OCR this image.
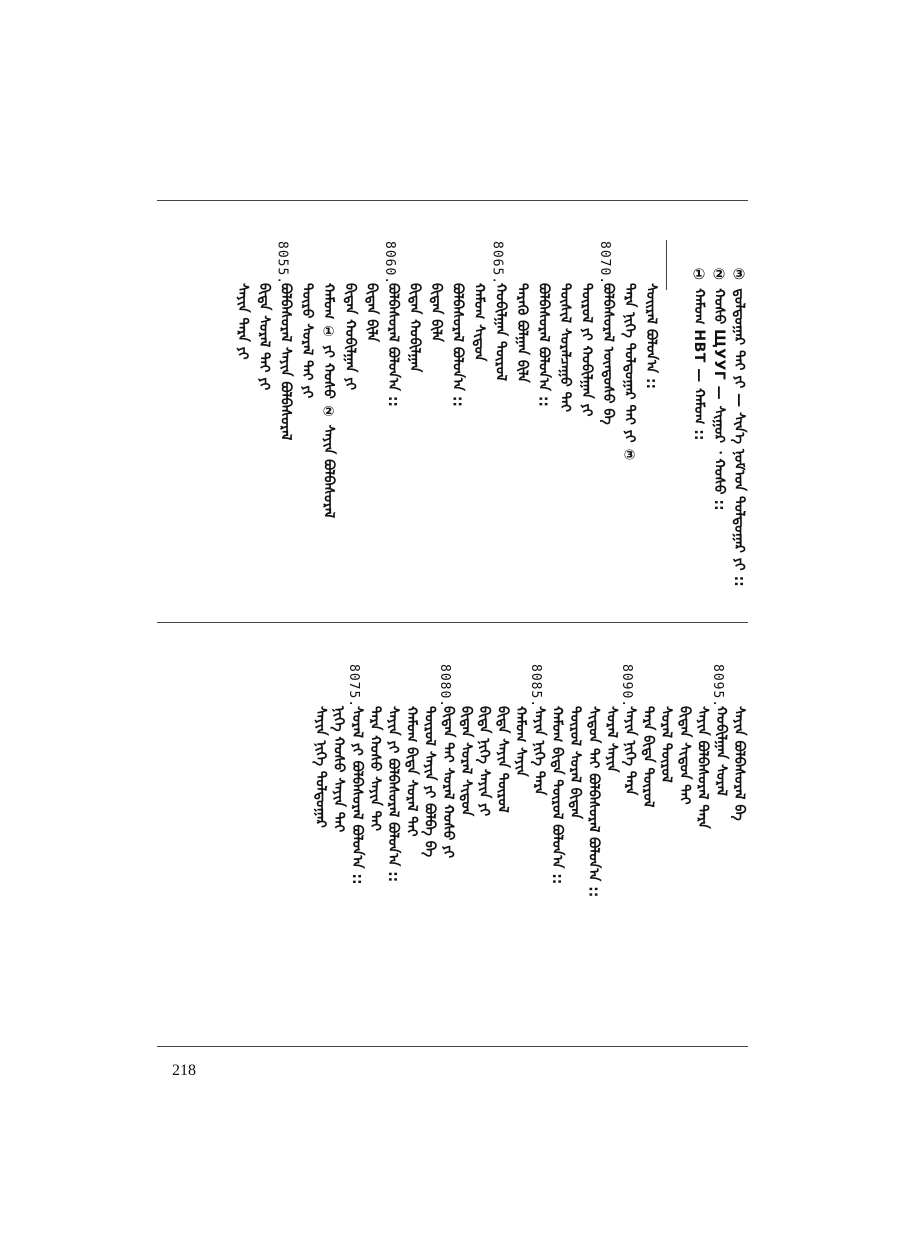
③ ᠳ᠋ᠤᠯᠳᠤᠭᠠᠷ ᠲᠠᠢ ᠶᠢ — ᠰᠢᠨ᠎ᠡ ᠨᠤᠮ᠎ᠤᠨ ᠳᠤᠯᠳᠤᠭᠠᠷ ᠶᠢ ::
② ᠬᠤᠰᠤ ЩУУГ — ᠰᠢᠭᠤᠷ ᠂ ᠬᠤᠰᠤ ::
① ᠬᠠᠮᠤᠭ НВТ — ᠬᠠᠮᠤᠭ ::
ᠰᠤᠢᠷᠠᠯ ᠪᠣᠯᠤᠨ᠎ᠠ ::
ᠲᠡᠷᠡ ᠨᠢᠭᠡ ᠳᠤᠯᠳᠤᠭᠠᠷ ᠲᠠᠢ ᠶᠢ ③
8070.
ᠪᠣᠯᠪᠠᠰᠤᠷᠠᠯ ᠦᠨᠳᠦᠰᠦ ᠪᠡ
ᠲᠦᠷᠦᠯ ᠶᠢ ᠬᠤᠪᠢᠯᠭᠠᠨ ᠶᠢ
ᠲᠦᠰᠢᠯ ᠰᠤᠷᠠᠯᠴᠠᠭᠤ ᠲᠠᠢ
ᠪᠣᠯᠪᠠᠰᠤᠷᠠᠯ ᠪᠣᠯᠤᠨ᠎ᠠ ::
ᠲᠡᠷᠡᠬᠦ ᠪᠣᠯᠭᠠᠨ ᠪᠢᠯᠡ
8065.
ᠬᠤᠪᠢᠯᠭᠠᠨ ᠲᠦᠷᠦᠯ
ᠬᠠᠮᠤᠭ ᠰᠢᠳᠦᠨ
ᠪᠣᠯᠪᠠᠰᠤᠷᠠᠯ ᠪᠣᠯᠤᠨ᠎ᠠ ::
ᠪᠢᠳᠡᠨ ᠪᠢᠯᠡ
ᠪᠢᠳᠡᠨ ᠬᠤᠪᠢᠯᠭᠠᠨ
8060.
ᠪᠣᠯᠪᠠᠰᠤᠷᠠᠯ ᠪᠣᠯᠤᠨ᠎ᠠ ::
ᠪᠢᠳᠡᠨ ᠪᠢᠯᠡ
ᠪᠢᠳᠡᠨ ᠬᠤᠪᠢᠯᠭᠠᠨ ᠶᠢ
ᠬᠠᠮᠤᠭ ① ᠶᠢ ᠬᠤᠰᠤ ② ᠰᠠᠶᠢᠨ ᠪᠣᠯᠪᠠᠰᠤᠷᠠᠯ
ᠲᠦᠷᠦ ᠰᠤᠷᠠᠯ ᠲᠠᠢ ᠶᠢ
8055.
ᠪᠣᠯᠪᠠᠰᠤᠷᠠᠯ ᠰᠠᠶᠢᠨ ᠪᠣᠯᠪᠠᠰᠤᠷᠠᠯ
ᠪᠢᠳᠡ ᠰᠤᠷᠠᠯ ᠲᠠᠢ ᠶᠢ
ᠰᠠᠶᠢᠨ ᠲᠡᠷᠡ ᠶᠢ
ᠰᠠᠶᠢᠨ ᠪᠣᠯᠪᠠᠰᠤᠷᠠᠯ ᠪᠡ
8095.
ᠬᠤᠪᠢᠯᠭᠠᠨ ᠰᠤᠷᠠᠯ
ᠰᠠᠶᠢᠨ ᠪᠣᠯᠪᠠᠰᠤᠷᠠᠯ ᠲᠡᠷᠡ
ᠪᠢᠳᠡᠨ ᠰᠢᠳᠦᠨ ᠲᠠᠢ
ᠰᠤᠷᠠᠯ ᠲᠦᠷᠦᠯ
ᠲᠡᠷᠡ ᠪᠢᠳᠡ ᠲᠦᠷᠦᠯ
8090.
ᠰᠠᠶᠢᠨ ᠨᠢᠭᠡ ᠲᠡᠷᠡ
ᠰᠤᠷᠠᠯ ᠰᠠᠶᠢᠨ
ᠰᠢᠳᠦᠨ ᠲᠠᠢ ᠪᠣᠯᠪᠠᠰᠤᠷᠠᠯ ᠪᠣᠯᠤᠨ᠎ᠠ ::
ᠲᠦᠷᠦᠯ ᠰᠤᠷᠠᠯ ᠪᠢᠳᠡᠨ
ᠬᠠᠮᠤᠭ ᠪᠢᠳᠡ ᠲᠦᠷᠦᠯ ᠪᠣᠯᠤᠨ᠎ᠠ ::
8085.
ᠰᠠᠶᠢᠨ ᠨᠢᠭᠡ ᠲᠡᠷᠡ
ᠬᠠᠮᠤᠭ ᠰᠠᠶᠢᠨ
ᠪᠢᠳᠡ ᠰᠠᠶᠢᠨ ᠲᠦᠷᠦᠯ
ᠪᠢᠳᠡ ᠨᠢᠭᠡ ᠰᠠᠶᠢᠨ ᠶᠢ
ᠪᠢᠳᠡᠨ ᠰᠤᠷᠠᠯ ᠰᠢᠳᠦᠨ
8080.
ᠪᠢᠳᠡᠨ ᠲᠠᠢ ᠰᠤᠷᠠᠯ ᠬᠤᠰᠤ ᠶᠢ
ᠲᠦᠷᠦᠯ ᠰᠠᠶᠢᠨ ᠶᠢ ᠪᠣᠯᠪᠠ ᠪᠡ
ᠬᠠᠮᠤᠭ ᠪᠢᠳᠡ ᠰᠤᠷᠠᠯ ᠲᠠᠢ
ᠰᠠᠶᠢᠨ ᠶᠢ ᠪᠣᠯᠪᠠᠰᠤᠷᠠᠯ ᠪᠣᠯᠤᠨ᠎ᠠ ::
ᠲᠡᠷᠡ ᠬᠤᠰᠤ ᠰᠠᠶᠢᠨ ᠲᠠᠢ
8075.
ᠰᠤᠷᠠᠯ ᠶᠢ ᠪᠣᠯᠪᠠᠰᠤᠷᠠᠯ ᠪᠣᠯᠤᠨ᠎ᠠ ::
ᠨᠢᠭᠡ ᠬᠤᠰᠤ ᠰᠠᠶᠢᠨ ᠲᠠᠢ
ᠰᠠᠶᠢᠨ ᠨᠢᠭᠡ ᠳᠤᠯᠳᠤᠭᠠᠷ
218
